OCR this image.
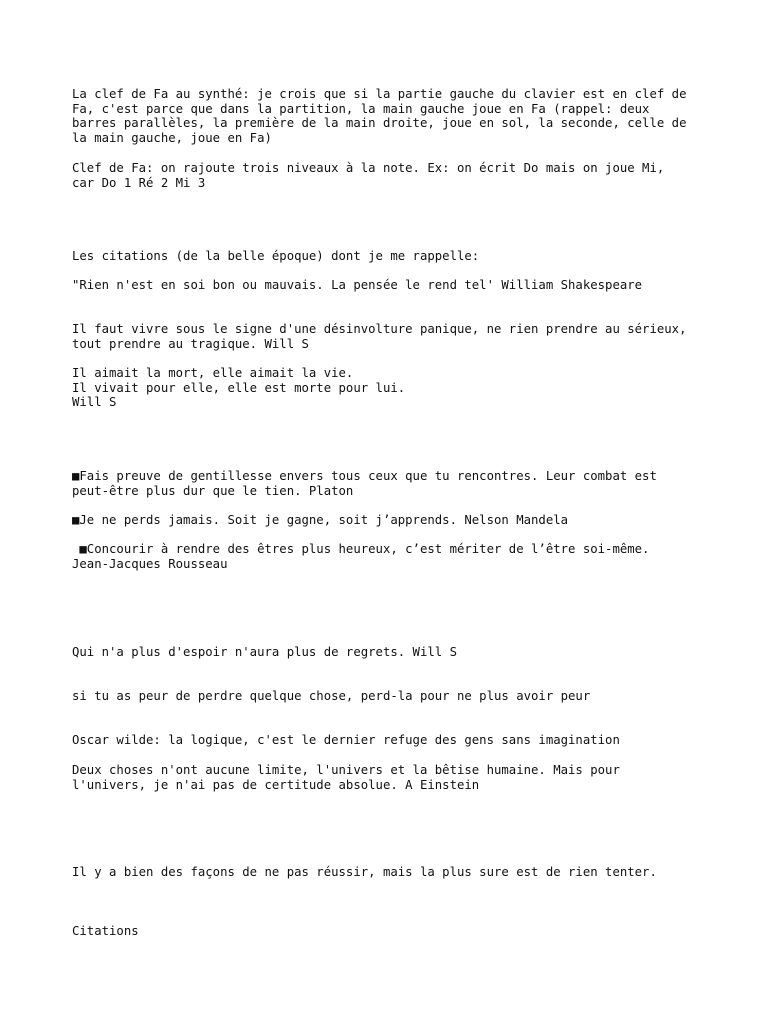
La clef de Fa au synthé: je crois que si la partie gauche du clavier est en clef de
Fa, c'est parce que dans la partition, la main gauche joue en Fa (rappel: deux
barres parallèles, la première de la main droite, joue en sol, la seconde, celle de
la main gauche, joue en Fa)

Clef de Fa: on rajoute trois niveaux à la note. Ex: on écrit Do mais on joue Mi,
car Do 1 Ré 2 Mi 3

Les citations (de la belle époque) dont je me rappelle:

"Rien n'est en soi bon ou mauvais. La pensée le rend tel' William Shakespeare

Il faut vivre sous le signe d'une désinvolture panique, ne rien prendre au sérieux,
tout prendre au tragique. Will S

Il aimait la mort, elle aimait la vie.
Il vivait pour elle, elle est morte pour lui.
Will S

■Fais preuve de gentillesse envers tous ceux que tu rencontres. Leur combat est
peut-être plus dur que le tien. Platon

■Je ne perds jamais. Soit je gagne, soit j’apprends. Nelson Mandela

■Concourir à rendre des êtres plus heureux, c’est mériter de l’être soi-même.
Jean-Jacques Rousseau

Qui n'a plus d'espoir n'aura plus de regrets. Will S

si tu as peur de perdre quelque chose, perd-la pour ne plus avoir peur

Oscar wilde: la logique, c'est le dernier refuge des gens sans imagination

Deux choses n'ont aucune limite, l'univers et la bêtise humaine. Mais pour
l'univers, je n'ai pas de certitude absolue. A Einstein

Il y a bien des façons de ne pas réussir, mais la plus sure est de rien tenter.

Citations
